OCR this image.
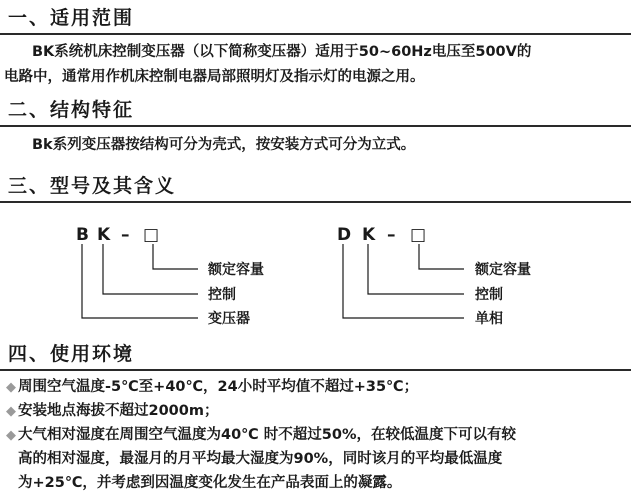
一、适用范围
BK系统机床控制变压器（以下简称变压器）适用于50~60Hz电压至500V的
电路中，通常用作机床控制电器局部照明灯及指示灯的电源之用。
二、结构特征
Bk系列变压器按结构可分为壳式，按安装方式可分为立式。
三、型号及其含义
B K – □	D K – □
额定容量
控制
变压器
额定容量
控制
单相
四、使用环境
◆ 周围空气温度-5℃至+40℃，24小时平均值不超过+35℃；
◆ 安装地点海拔不超过2000m；
◆ 大气相对湿度在周围空气温度为40℃ 时不超过50%，在较低温度下可以有较
高的相对湿度，最湿月的月平均最大湿度为90%，同时该月的平均最低温度
为+25℃，并考虑到因温度变化发生在产品表面上的凝露。
